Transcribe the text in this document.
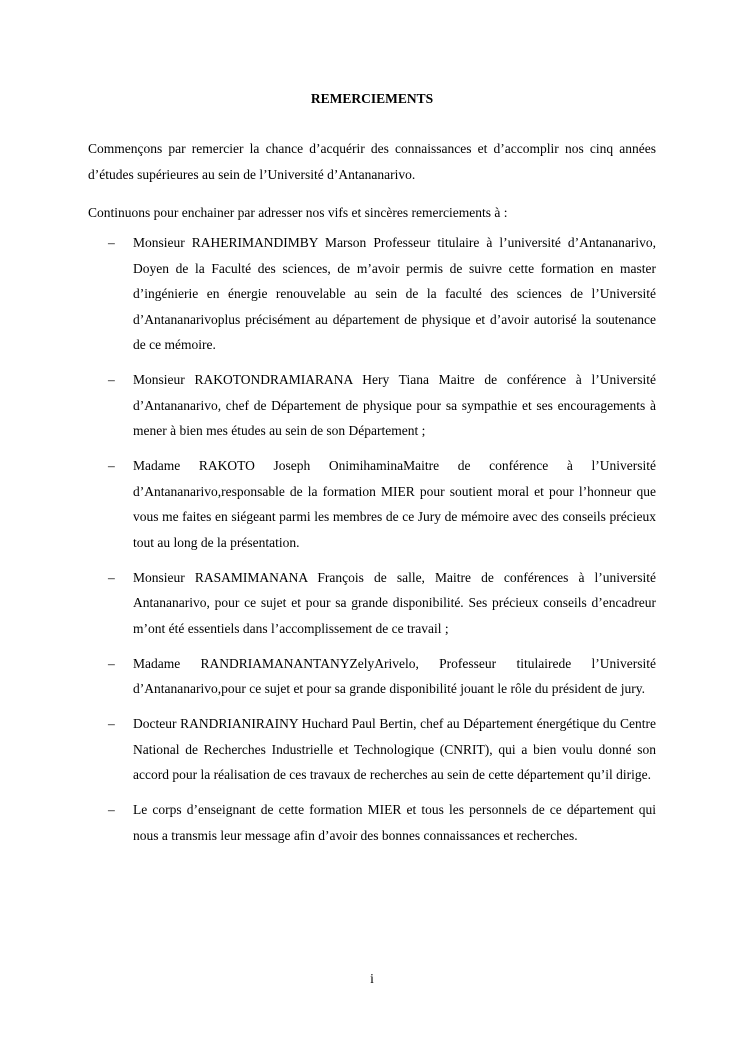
REMERCIEMENTS
Commençons par remercier la chance d’acquérir des connaissances et d’accomplir nos cinq années d’études supérieures au sein de l’Université d’Antananarivo.
Continuons pour enchainer par adresser nos vifs et sincères remerciements à :
– Monsieur RAHERIMANDIMBY Marson Professeur titulaire à l’université d’Antananarivo, Doyen de la Faculté des sciences, de m’avoir permis de suivre cette formation en master d’ingénierie en énergie renouvelable au sein de la faculté des sciences de l’Université d’Antananarivoplus précisément au département de physique et d’avoir autorisé la soutenance de ce mémoire.
– Monsieur RAKOTONDRAMIARANA Hery Tiana Maitre de conférence à l’Université d’Antananarivo, chef de Département de physique pour sa sympathie et ses encouragements à mener à bien mes études au sein de son Département ;
– Madame RAKOTO Joseph OnimihaminaMaitre de conférence à l’Université d’Antananarivo,responsable de la formation MIER pour soutient moral et pour l’honneur que vous me faites en siégeant parmi les membres de ce Jury de mémoire avec des conseils précieux tout au long de la présentation.
– Monsieur RASAMIMANANA François de salle, Maitre de conférences à l’université Antananarivo, pour ce sujet et pour sa grande disponibilité. Ses précieux conseils d’encadreur m’ont été essentiels dans l’accomplissement de ce travail ;
– Madame RANDRIAMANANTANYZelyArivelo, Professeur titulairede l’Université d’Antananarivo,pour ce sujet et pour sa grande disponibilité jouant le rôle du président de jury.
– Docteur RANDRIANIRAINY Huchard Paul Bertin, chef au Département énergétique du Centre National de Recherches Industrielle et Technologique (CNRIT), qui a bien voulu donné son accord pour la réalisation de ces travaux de recherches au sein de cette département qu’il dirige.
– Le corps d’enseignant de cette formation MIER et tous les personnels de ce département qui nous a transmis leur message afin d’avoir des bonnes connaissances et recherches.
i
